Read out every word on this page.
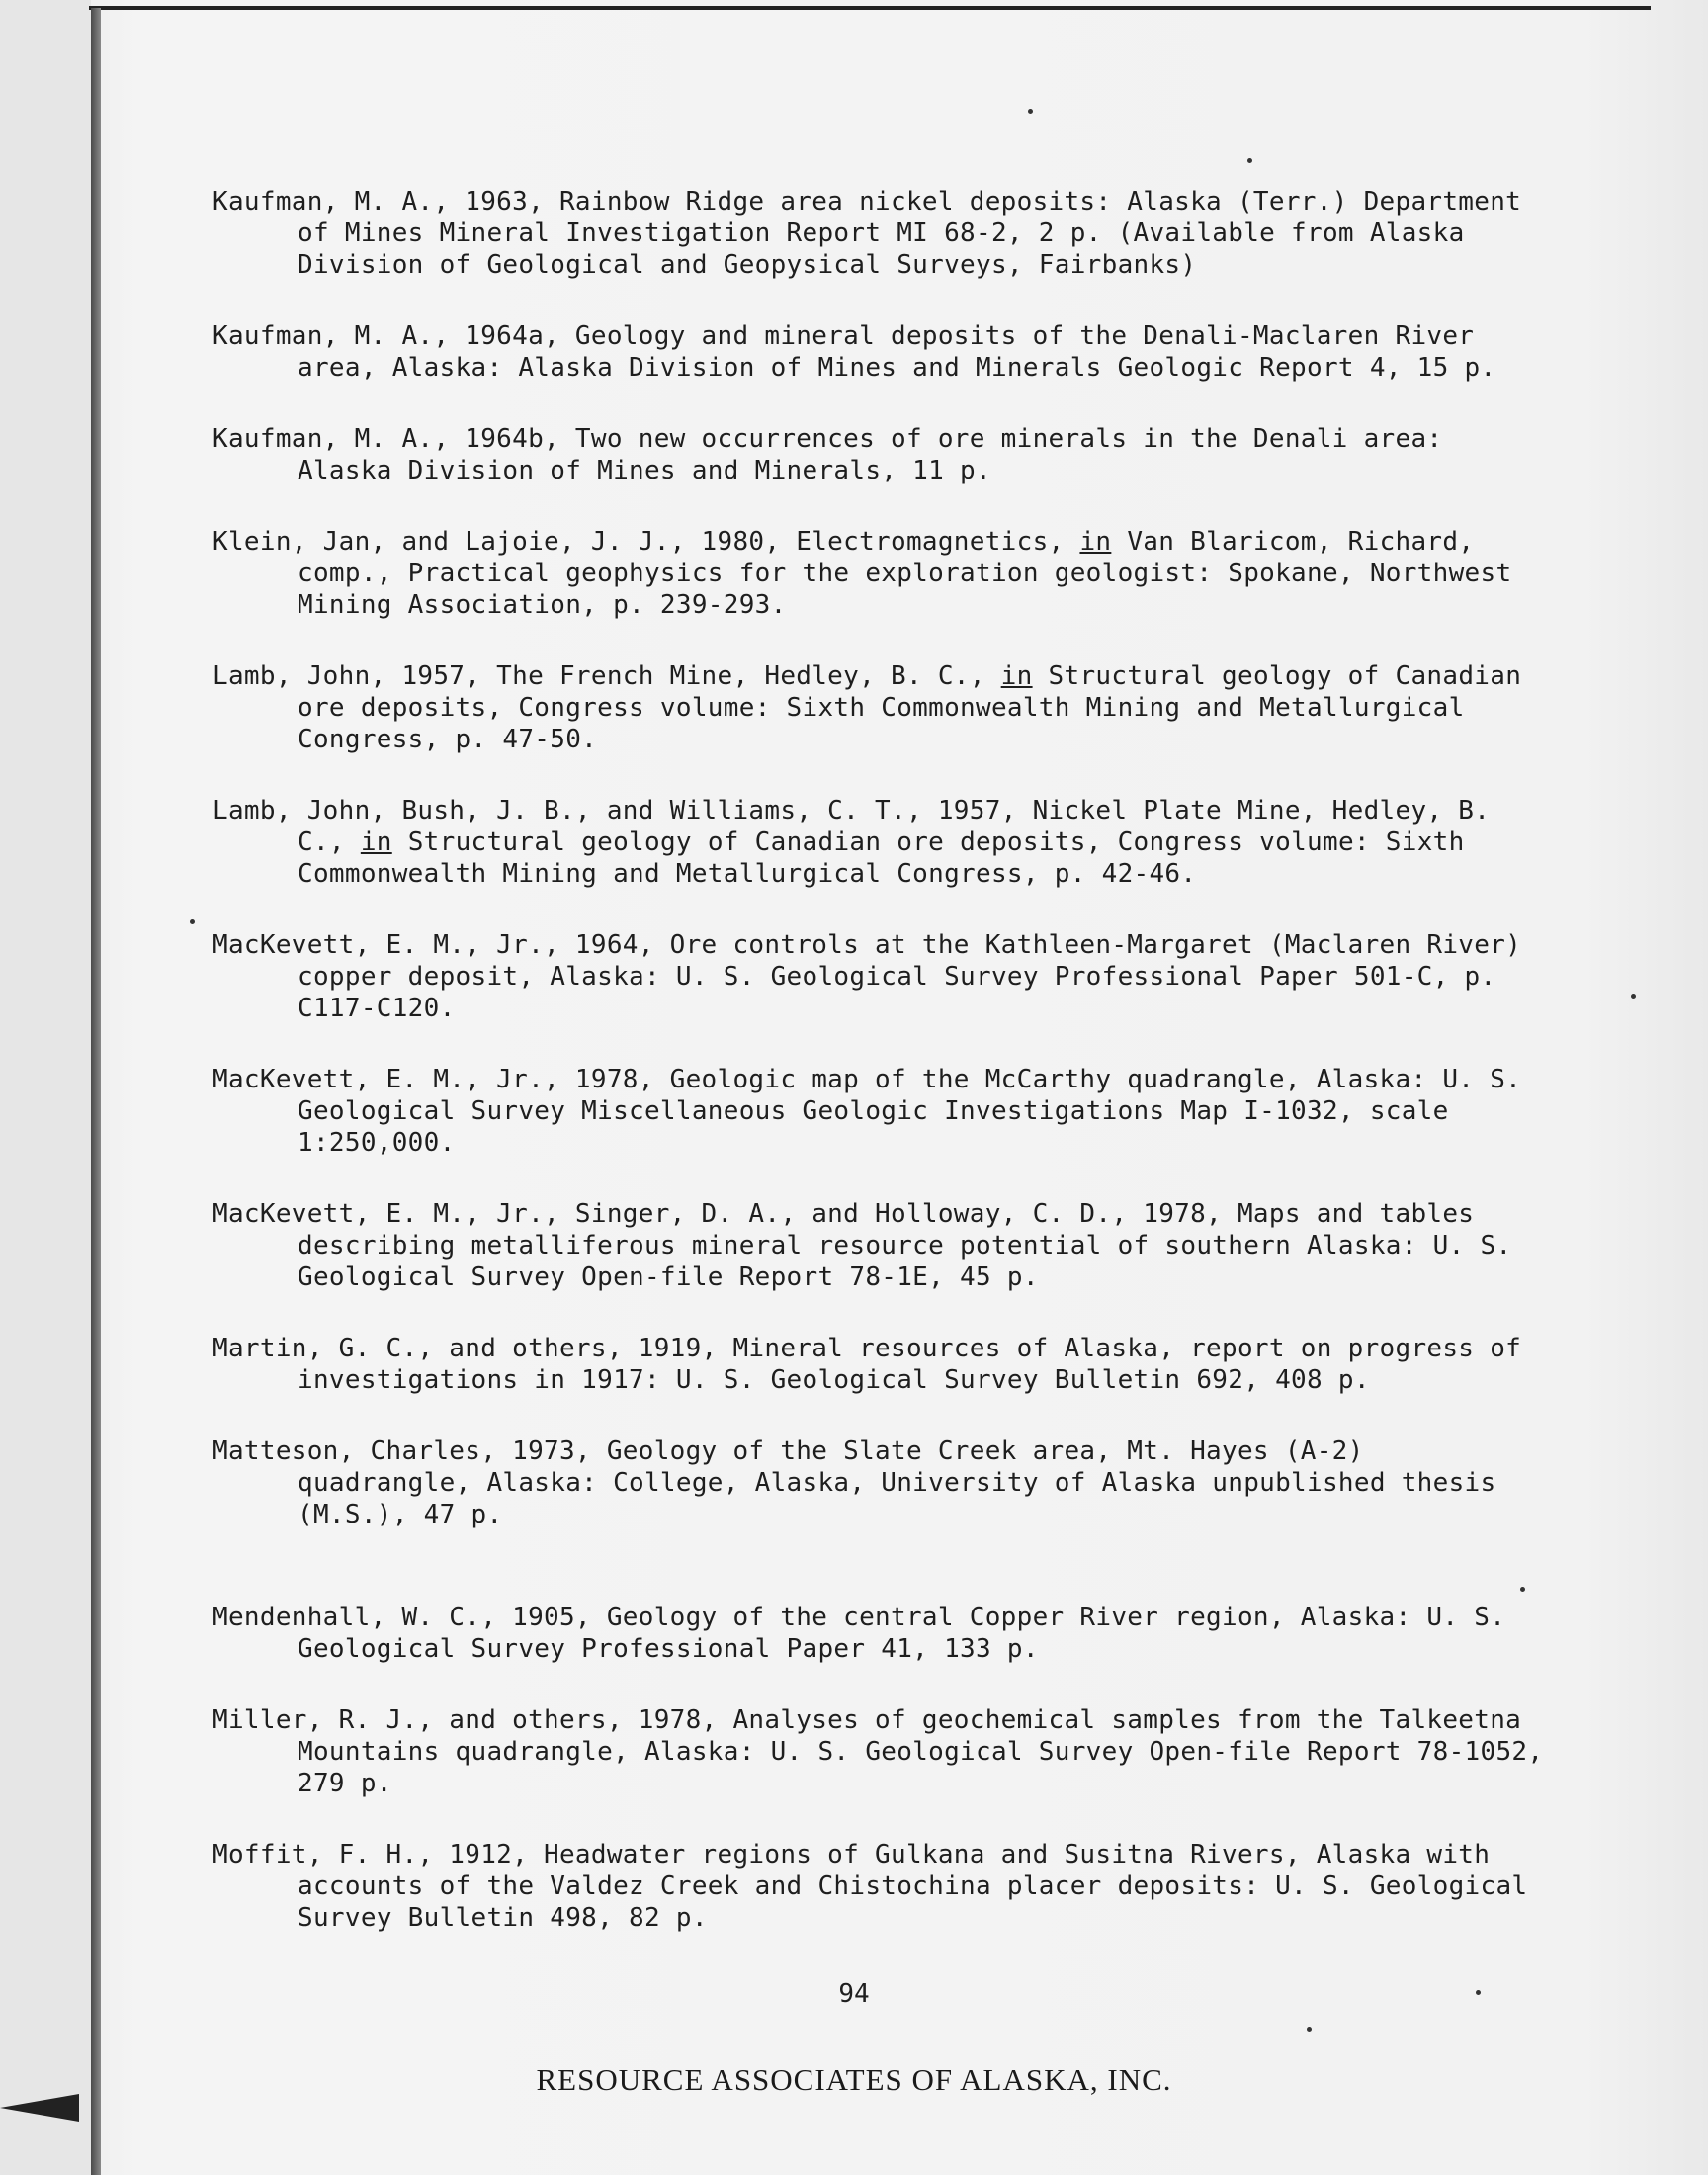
Kaufman, M. A., 1963, Rainbow Ridge area nickel deposits: Alaska (Terr.) Department of Mines Mineral Investigation Report MI 68-2, 2 p. (Available from Alaska Division of Geological and Geopysical Surveys, Fairbanks)

Kaufman, M. A., 1964a, Geology and mineral deposits of the Denali-Maclaren River area, Alaska: Alaska Division of Mines and Minerals Geologic Report 4, 15 p.

Kaufman, M. A., 1964b, Two new occurrences of ore minerals in the Denali area: Alaska Division of Mines and Minerals, 11 p.

Klein, Jan, and Lajoie, J. J., 1980, Electromagnetics, in Van Blaricom, Richard, comp., Practical geophysics for the exploration geologist: Spokane, Northwest Mining Association, p. 239-293.

Lamb, John, 1957, The French Mine, Hedley, B. C., in Structural geology of Canadian ore deposits, Congress volume: Sixth Commonwealth Mining and Metallurgical Congress, p. 47-50.

Lamb, John, Bush, J. B., and Williams, C. T., 1957, Nickel Plate Mine, Hedley, B. C., in Structural geology of Canadian ore deposits, Congress volume: Sixth Commonwealth Mining and Metallurgical Congress, p. 42-46.

MacKevett, E. M., Jr., 1964, Ore controls at the Kathleen-Margaret (Maclaren River) copper deposit, Alaska: U. S. Geological Survey Professional Paper 501-C, p. C117-C120.

MacKevett, E. M., Jr., 1978, Geologic map of the McCarthy quadrangle, Alaska: U. S. Geological Survey Miscellaneous Geologic Investigations Map I-1032, scale 1:250,000.

MacKevett, E. M., Jr., Singer, D. A., and Holloway, C. D., 1978, Maps and tables describing metalliferous mineral resource potential of southern Alaska: U. S. Geological Survey Open-file Report 78-1E, 45 p.

Martin, G. C., and others, 1919, Mineral resources of Alaska, report on progress of investigations in 1917: U. S. Geological Survey Bulletin 692, 408 p.

Matteson, Charles, 1973, Geology of the Slate Creek area, Mt. Hayes (A-2) quadrangle, Alaska: College, Alaska, University of Alaska unpublished thesis (M.S.), 47 p.

Mendenhall, W. C., 1905, Geology of the central Copper River region, Alaska: U. S. Geological Survey Professional Paper 41, 133 p.

Miller, R. J., and others, 1978, Analyses of geochemical samples from the Talkeetna Mountains quadrangle, Alaska: U. S. Geological Survey Open-file Report 78-1052, 279 p.

Moffit, F. H., 1912, Headwater regions of Gulkana and Susitna Rivers, Alaska with accounts of the Valdez Creek and Chistochina placer deposits: U. S. Geological Survey Bulletin 498, 82 p.

94
RESOURCE ASSOCIATES OF ALASKA, INC.
